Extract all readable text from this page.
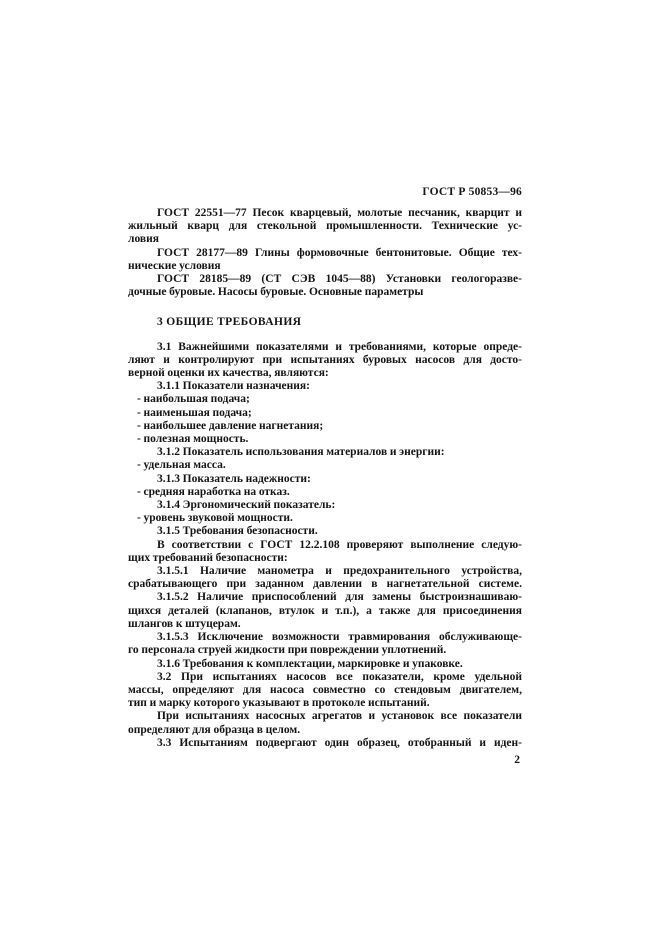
ГОСТ Р 50853—96
ГОСТ 22551—77 Песок кварцевый, молотые песчаник, кварцит и
жильный кварц для стекольной промышленности. Технические ус-
ловия
ГОСТ 28177—89 Глины формовочные бентонитовые. Общие тех-
нические условия
ГОСТ 28185—89 (СТ СЭВ 1045—88) Установки геологоразве-
дочные буровые. Насосы буровые. Основные параметры
3 ОБЩИЕ ТРЕБОВАНИЯ
3.1 Важнейшими показателями и требованиями, которые опреде-
ляют и контролируют при испытаниях буровых насосов для досто-
верной оценки их качества, являются:
3.1.1 Показатели назначения:
- наибольшая подача;
- наименьшая подача;
- наибольшее давление нагнетания;
- полезная мощность.
3.1.2 Показатель использования материалов и энергии:
- удельная масса.
3.1.3 Показатель надежности:
- средняя наработка на отказ.
3.1.4 Эргономический показатель:
- уровень звуковой мощности.
3.1.5 Требования безопасности.
В соответствии с ГОСТ 12.2.108 проверяют выполнение следую-
щих требований безопасности:
3.1.5.1 Наличие манометра и предохранительного устройства,
срабатывающего при заданном давлении в нагнетательной системе.
3.1.5.2 Наличие приспособлений для замены быстроизнашиваю-
щихся деталей (клапанов, втулок и т.п.), а также для присоединения
шлангов к штуцерам.
3.1.5.3 Исключение возможности травмирования обслуживающе-
го персонала струей жидкости при повреждении уплотнений.
3.1.6 Требования к комплектации, маркировке и упаковке.
3.2 При испытаниях насосов все показатели, кроме удельной
массы, определяют для насоса совместно со стендовым двигателем,
тип и марку которого указывают в протоколе испытаний.
При испытаниях насосных агрегатов и установок все показатели
определяют для образца в целом.
3.3 Испытаниям подвергают один образец, отобранный и иден-
2
